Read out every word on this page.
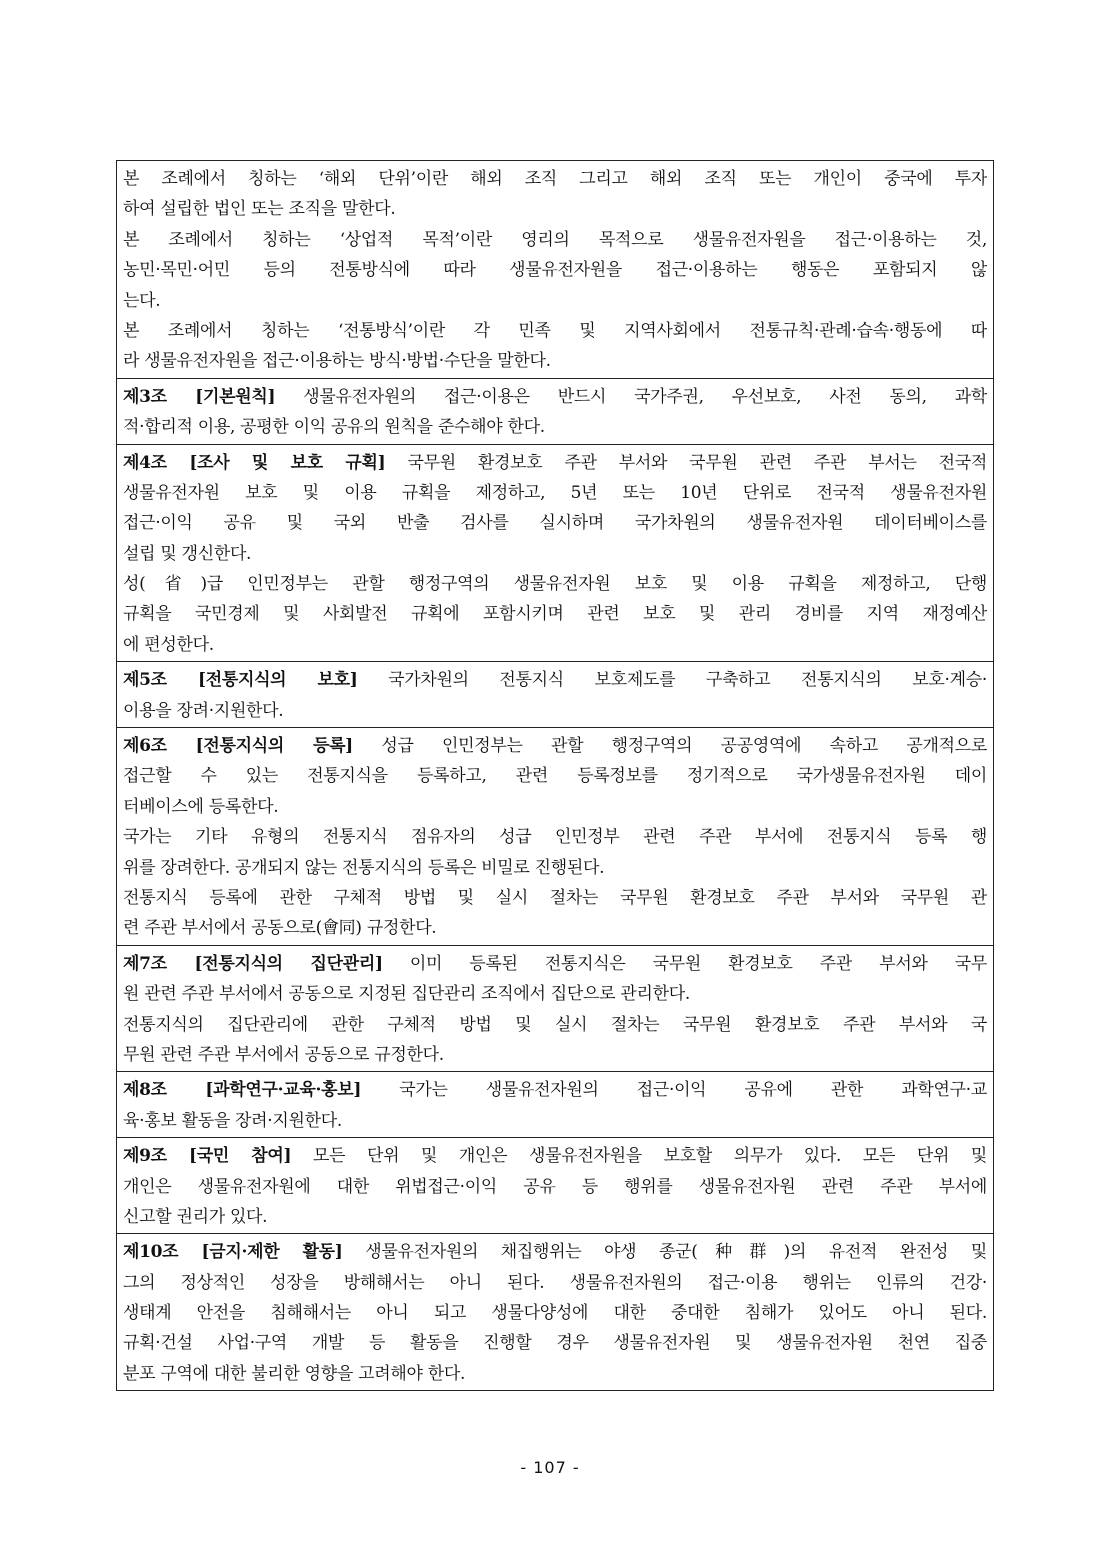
본 조례에서 칭하는 ‘해외 단위’이란 해외 조직 그리고 해외 조직 또는 개인이 중국에 투자
하여 설립한 법인 또는 조직을 말한다.
본 조례에서 칭하는 ‘상업적 목적’이란 영리의 목적으로 생물유전자원을 접근·이용하는 것,
농민·목민·어민 등의 전통방식에 따라 생물유전자원을 접근·이용하는 행동은 포함되지 않
는다.
본 조례에서 칭하는 ‘전통방식’이란 각 민족 및 지역사회에서 전통규칙·관례·습속·행동에 따
라 생물유전자원을 접근·이용하는 방식·방법·수단을 말한다.
제3조 [기본원칙] 생물유전자원의 접근·이용은 반드시 국가주권, 우선보호, 사전 동의, 과학
적·합리적 이용, 공평한 이익 공유의 원칙을 준수해야 한다.
제4조 [조사 및 보호 규획] 국무원 환경보호 주관 부서와 국무원 관련 주관 부서는 전국적
생물유전자원 보호 및 이용 규획을 제정하고, 5년 또는 10년 단위로 전국적 생물유전자원
접근·이익 공유 및 국외 반출 검사를 실시하며 국가차원의 생물유전자원 데이터베이스를
설립 및 갱신한다.
성(省)급 인민정부는 관할 행정구역의 생물유전자원 보호 및 이용 규획을 제정하고, 단행
규획을 국민경제 및 사회발전 규획에 포함시키며 관련 보호 및 관리 경비를 지역 재정예산
에 편성한다.
제5조 [전통지식의 보호] 국가차원의 전통지식 보호제도를 구축하고 전통지식의 보호·계승·
이용을 장려·지원한다.
제6조 [전통지식의 등록] 성급 인민정부는 관할 행정구역의 공공영역에 속하고 공개적으로
접근할 수 있는 전통지식을 등록하고, 관련 등록정보를 정기적으로 국가생물유전자원 데이
터베이스에 등록한다.
국가는 기타 유형의 전통지식 점유자의 성급 인민정부 관련 주관 부서에 전통지식 등록 행
위를 장려한다. 공개되지 않는 전통지식의 등록은 비밀로 진행된다.
전통지식 등록에 관한 구체적 방법 및 실시 절차는 국무원 환경보호 주관 부서와 국무원 관
련 주관 부서에서 공동으로(會同) 규정한다.
제7조 [전통지식의 집단관리] 이미 등록된 전통지식은 국무원 환경보호 주관 부서와 국무
원 관련 주관 부서에서 공동으로 지정된 집단관리 조직에서 집단으로 관리한다.
전통지식의 집단관리에 관한 구체적 방법 및 실시 절차는 국무원 환경보호 주관 부서와 국
무원 관련 주관 부서에서 공동으로 규정한다.
제8조 [과학연구·교육·홍보] 국가는 생물유전자원의 접근·이익 공유에 관한 과학연구·교
육·홍보 활동을 장려·지원한다.
제9조 [국민 참여] 모든 단위 및 개인은 생물유전자원을 보호할 의무가 있다. 모든 단위 및
개인은 생물유전자원에 대한 위법접근·이익 공유 등 행위를 생물유전자원 관련 주관 부서에
신고할 권리가 있다.
제10조 [금지·제한 활동] 생물유전자원의 채집행위는 야생 종군(种群)의 유전적 완전성 및
그의 정상적인 성장을 방해해서는 아니 된다. 생물유전자원의 접근·이용 행위는 인류의 건강·
생태계 안전을 침해해서는 아니 되고 생물다양성에 대한 중대한 침해가 있어도 아니 된다.
규획·건설 사업·구역 개발 등 활동을 진행할 경우 생물유전자원 및 생물유전자원 천연 집중
분포 구역에 대한 불리한 영향을 고려해야 한다.
- 107 -
